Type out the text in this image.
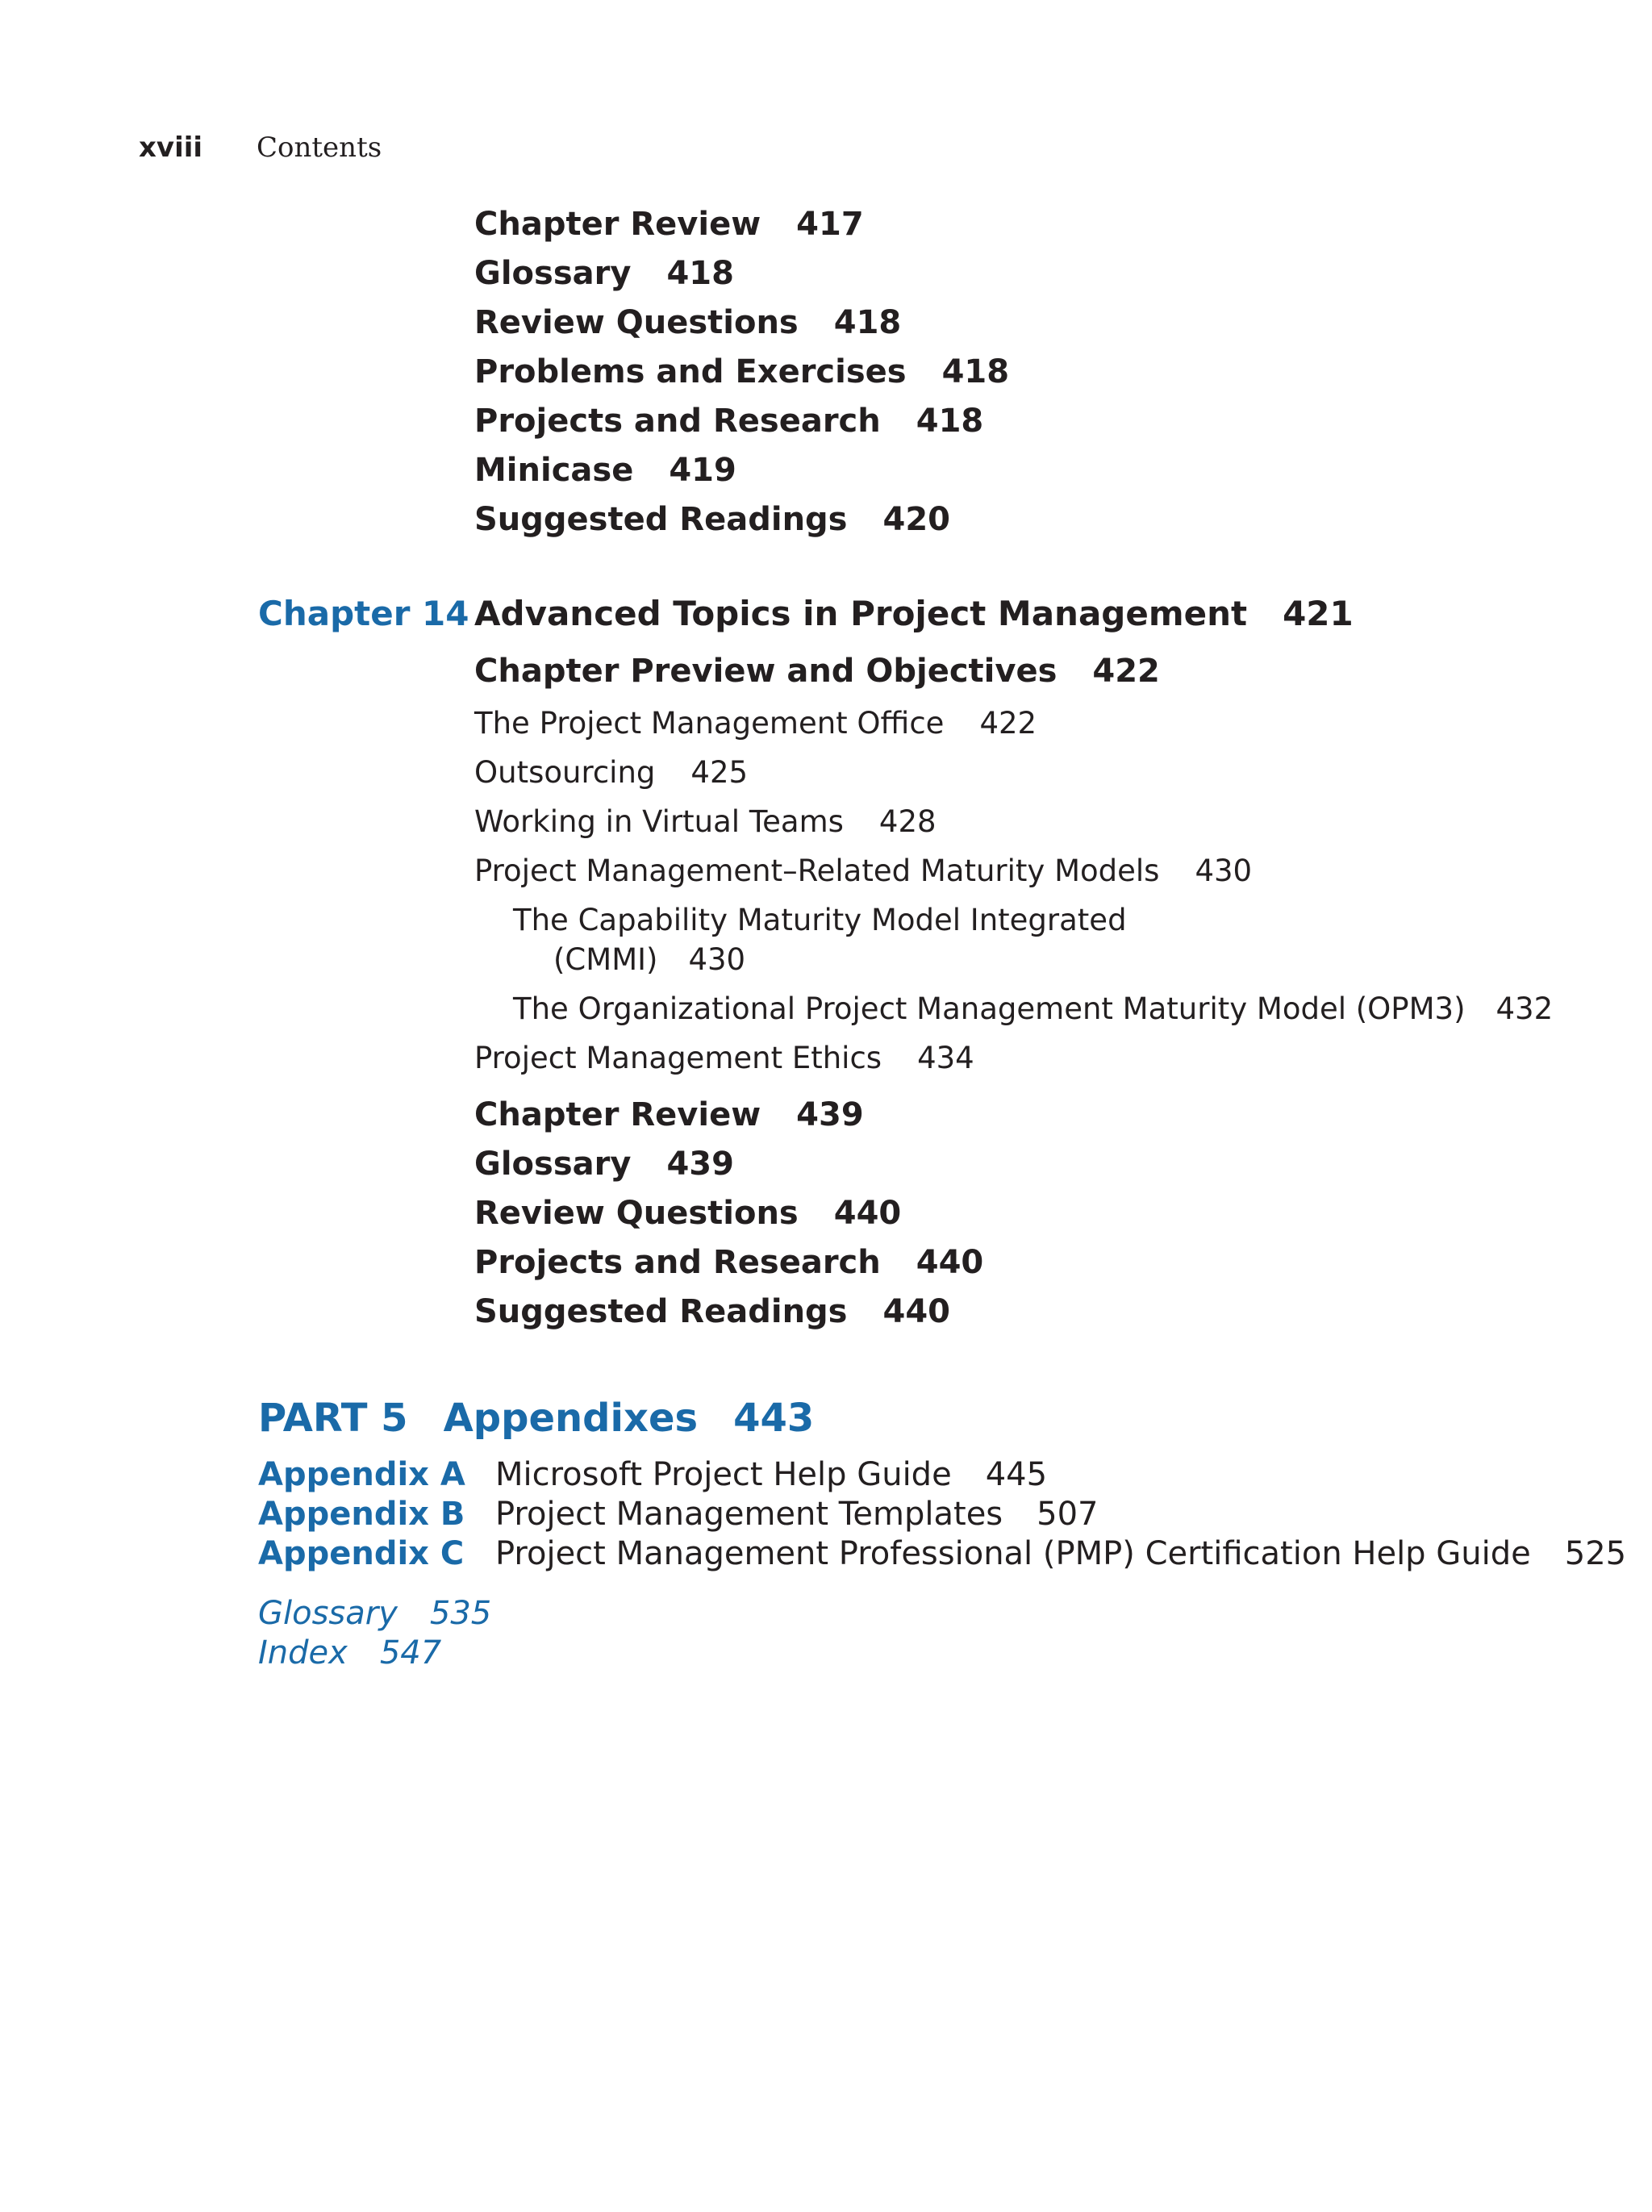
xviii Contents
Chapter Review 417
Glossary 418
Review Questions 418
Problems and Exercises 418
Projects and Research 418
Minicase 419
Suggested Readings 420
Chapter 14 Advanced Topics in Project Management 421
Chapter Preview and Objectives 422
The Project Management Office 422
Outsourcing 425
Working in Virtual Teams 428
Project Management–Related Maturity Models 430
The Capability Maturity Model Integrated
(CMMI) 430
The Organizational Project Management Maturity Model (OPM3) 432
Project Management Ethics 434
Chapter Review 439
Glossary 439
Review Questions 440
Projects and Research 440
Suggested Readings 440
PART 5 Appendixes 443
Appendix A Microsoft Project Help Guide 445
Appendix B Project Management Templates 507
Appendix C Project Management Professional (PMP) Certification Help Guide 525
Glossary 535
Index 547
